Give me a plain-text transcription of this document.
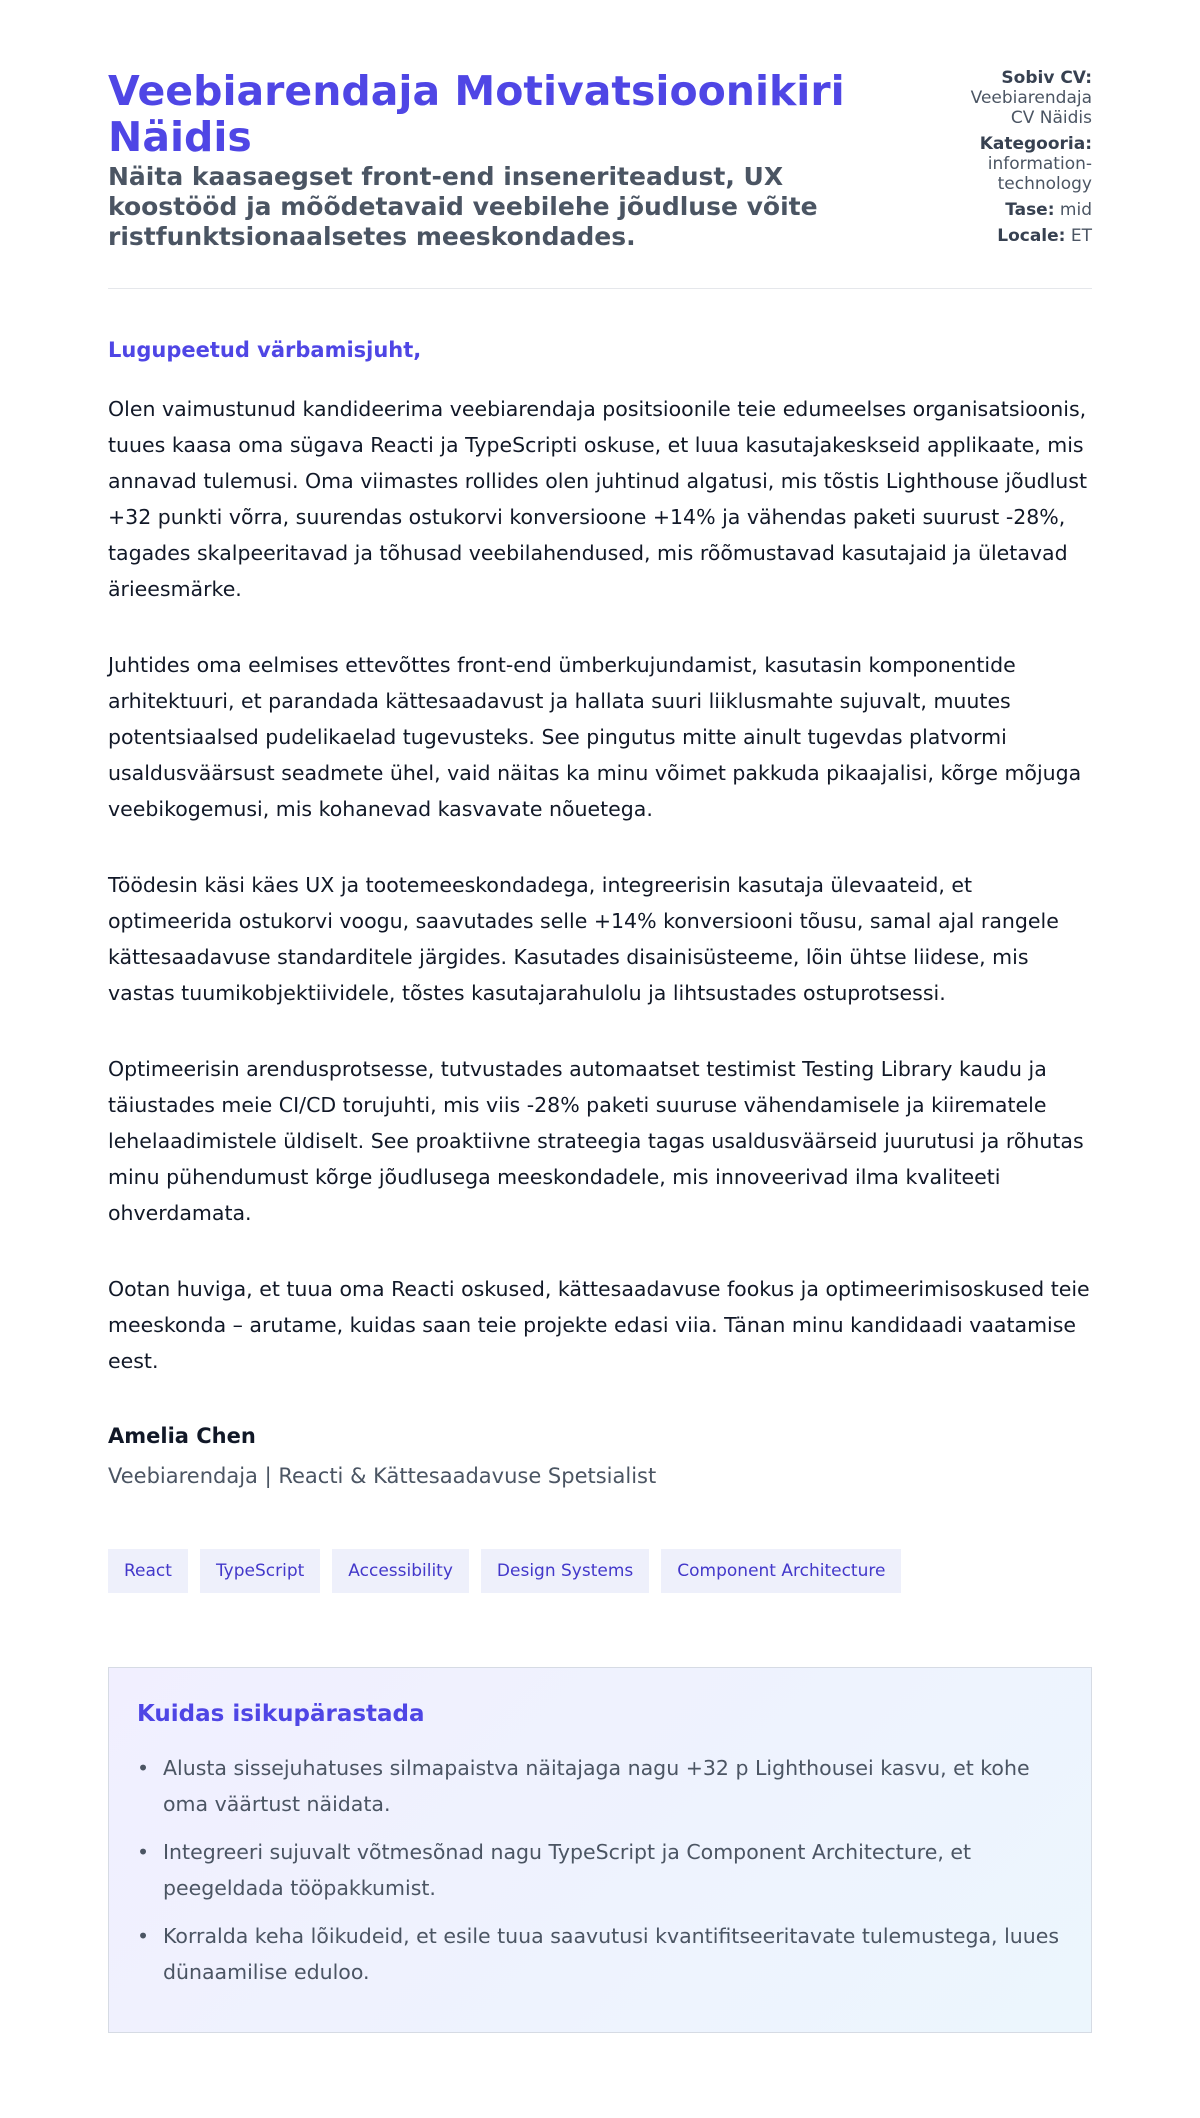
Veebiarendaja Motivatsioonikiri Näidis
Näita kaasaegset front-end inseneriteadust, UX koostööd ja mõõdetavaid veebilehe jõudluse võite ristfunktsionaalsetes meeskondades.
Sobiv CV:
Veebiarendaja CV Näidis
Kategooria:
information-technology
Tase: mid
Locale: ET
Lugupeetud värbamisjuht,

Olen vaimustunud kandideerima veebiarendaja positsioonile teie edumeelses organisatsioonis, tuues kaasa oma sügava Reacti ja TypeScripti oskuse, et luua kasutajakeskseid applikaate, mis annavad tulemusi. Oma viimastes rollides olen juhtinud algatusi, mis tõstis Lighthouse jõudlust +32 punkti võrra, suurendas ostukorvi konversioone +14% ja vähendas paketi suurust -28%, tagades skalpeeritavad ja tõhusad veebilahendused, mis rõõmustavad kasutajaid ja ületavad ärieesmärke.

Juhtides oma eelmises ettevõttes front-end ümberkujundamist, kasutasin komponentide arhitektuuri, et parandada kättesaadavust ja hallata suuri liiklusmahte sujuvalt, muutes potentsiaalsed pudelikaelad tugevusteks. See pingutus mitte ainult tugevdas platvormi usaldusväärsust seadmete ühel, vaid näitas ka minu võimet pakkuda pikaajalisi, kõrge mõjuga veebikogemusi, mis kohanevad kasvavate nõuetega.

Töödesin käsi käes UX ja tootemeeskondadega, integreerisin kasutaja ülevaateid, et optimeerida ostukorvi voogu, saavutades selle +14% konversiooni tõusu, samal ajal rangele kättesaadavuse standarditele järgides. Kasutades disainisüsteeme, lõin ühtse liidese, mis vastas tuumikobjektiividele, tõstes kasutajarahulolu ja lihtsustades ostuprotsessi.

Optimeerisin arendusprotsesse, tutvustades automaatset testimist Testing Library kaudu ja täiustades meie CI/CD torujuhti, mis viis -28% paketi suuruse vähendamisele ja kiirematele lehelaadimistele üldiselt. See proaktiivne strateegia tagas usaldusväärseid juurutusi ja rõhutas minu pühendumust kõrge jõudlusega meeskondadele, mis innoveerivad ilma kvaliteeti ohverdamata.

Ootan huviga, et tuua oma Reacti oskused, kättesaadavuse fookus ja optimeerimisoskused teie meeskonda – arutame, kuidas saan teie projekte edasi viia. Tänan minu kandidaadi vaatamise eest.

Amelia Chen
Veebiarendaja | Reacti & Kättesaadavuse Spetsialist
React	TypeScript	Accessibility	Design Systems	Component Architecture
Kuidas isikupärastada
• Alusta sissejuhatuses silmapaistva näitajaga nagu +32 p Lighthousei kasvu, et kohe oma väärtust näidata.
• Integreeri sujuvalt võtmesõnad nagu TypeScript ja Component Architecture, et peegeldada tööpakkumist.
• Korralda keha lõikudeid, et esile tuua saavutusi kvantifitseeritavate tulemustega, luues dünaamilise eduloo.
